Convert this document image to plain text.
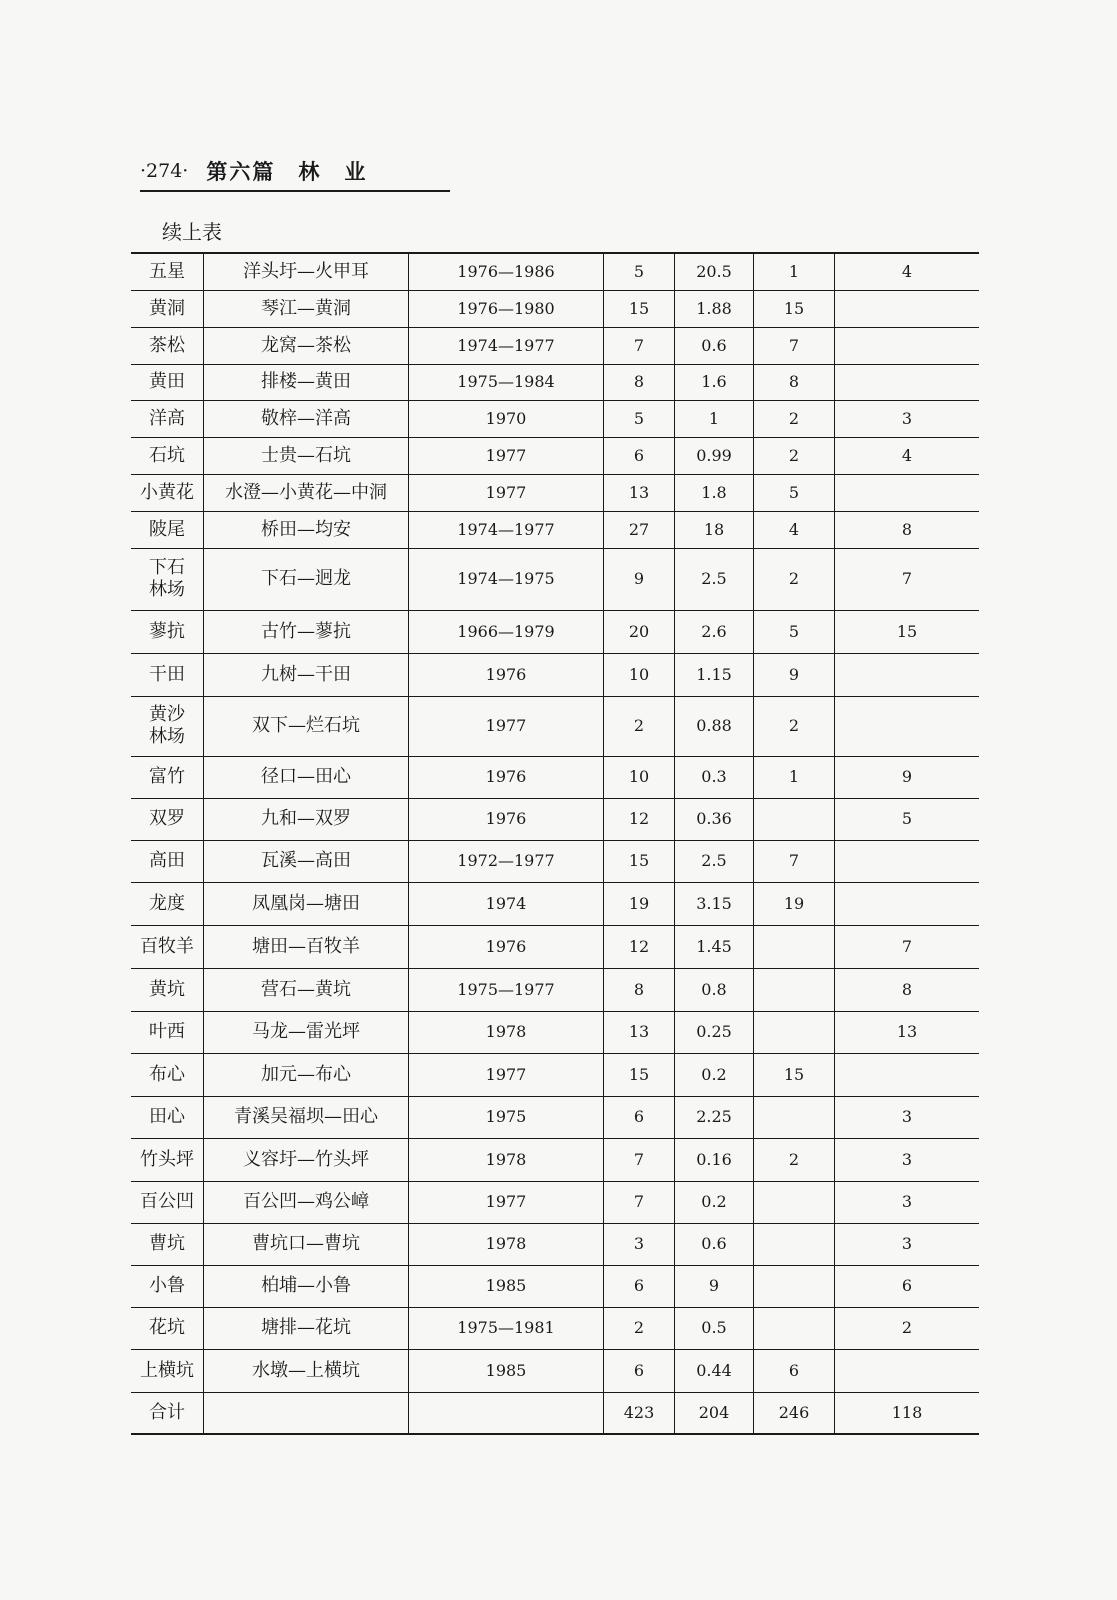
·274· 第六篇　林　业
续上表
五星	洋头圩—火甲耳	1976—1986	5	20.5	1	4
黄洞	琴江—黄洞	1976—1980	15	1.88	15	
茶松	龙窝—茶松	1974—1977	7	0.6	7	
黄田	排楼—黄田	1975—1984	8	1.6	8	
洋高	敬梓—洋高	1970	5	1	2	3
石坑	士贵—石坑	1977	6	0.99	2	4
小黄花	水澄—小黄花—中洞	1977	13	1.8	5	
陂尾	桥田—均安	1974—1977	27	18	4	8
下石
林场	下石—迥龙	1974—1975	9	2.5	2	7
蓼抗	古竹—蓼抗	1966—1979	20	2.6	5	15
干田	九树—干田	1976	10	1.15	9	
黄沙
林场	双下—烂石坑	1977	2	0.88	2	
富竹	径口—田心	1976	10	0.3	1	9
双罗	九和—双罗	1976	12	0.36		5
高田	瓦溪—高田	1972—1977	15	2.5	7	
龙度	凤凰岗—塘田	1974	19	3.15	19	
百牧羊	塘田—百牧羊	1976	12	1.45		7
黄坑	营石—黄坑	1975—1977	8	0.8		8
叶西	马龙—雷光坪	1978	13	0.25		13
布心	加元—布心	1977	15	0.2	15	
田心	青溪吴福坝—田心	1975	6	2.25		3
竹头坪	义容圩—竹头坪	1978	7	0.16	2	3
百公凹	百公凹—鸡公嶂	1977	7	0.2		3
曹坑	曹坑口—曹坑	1978	3	0.6		3
小鲁	柏埔—小鲁	1985	6	9		6
花坑	塘排—花坑	1975—1981	2	0.5		2
上横坑	水墩—上横坑	1985	6	0.44	6	
合计			423	204	246	118
